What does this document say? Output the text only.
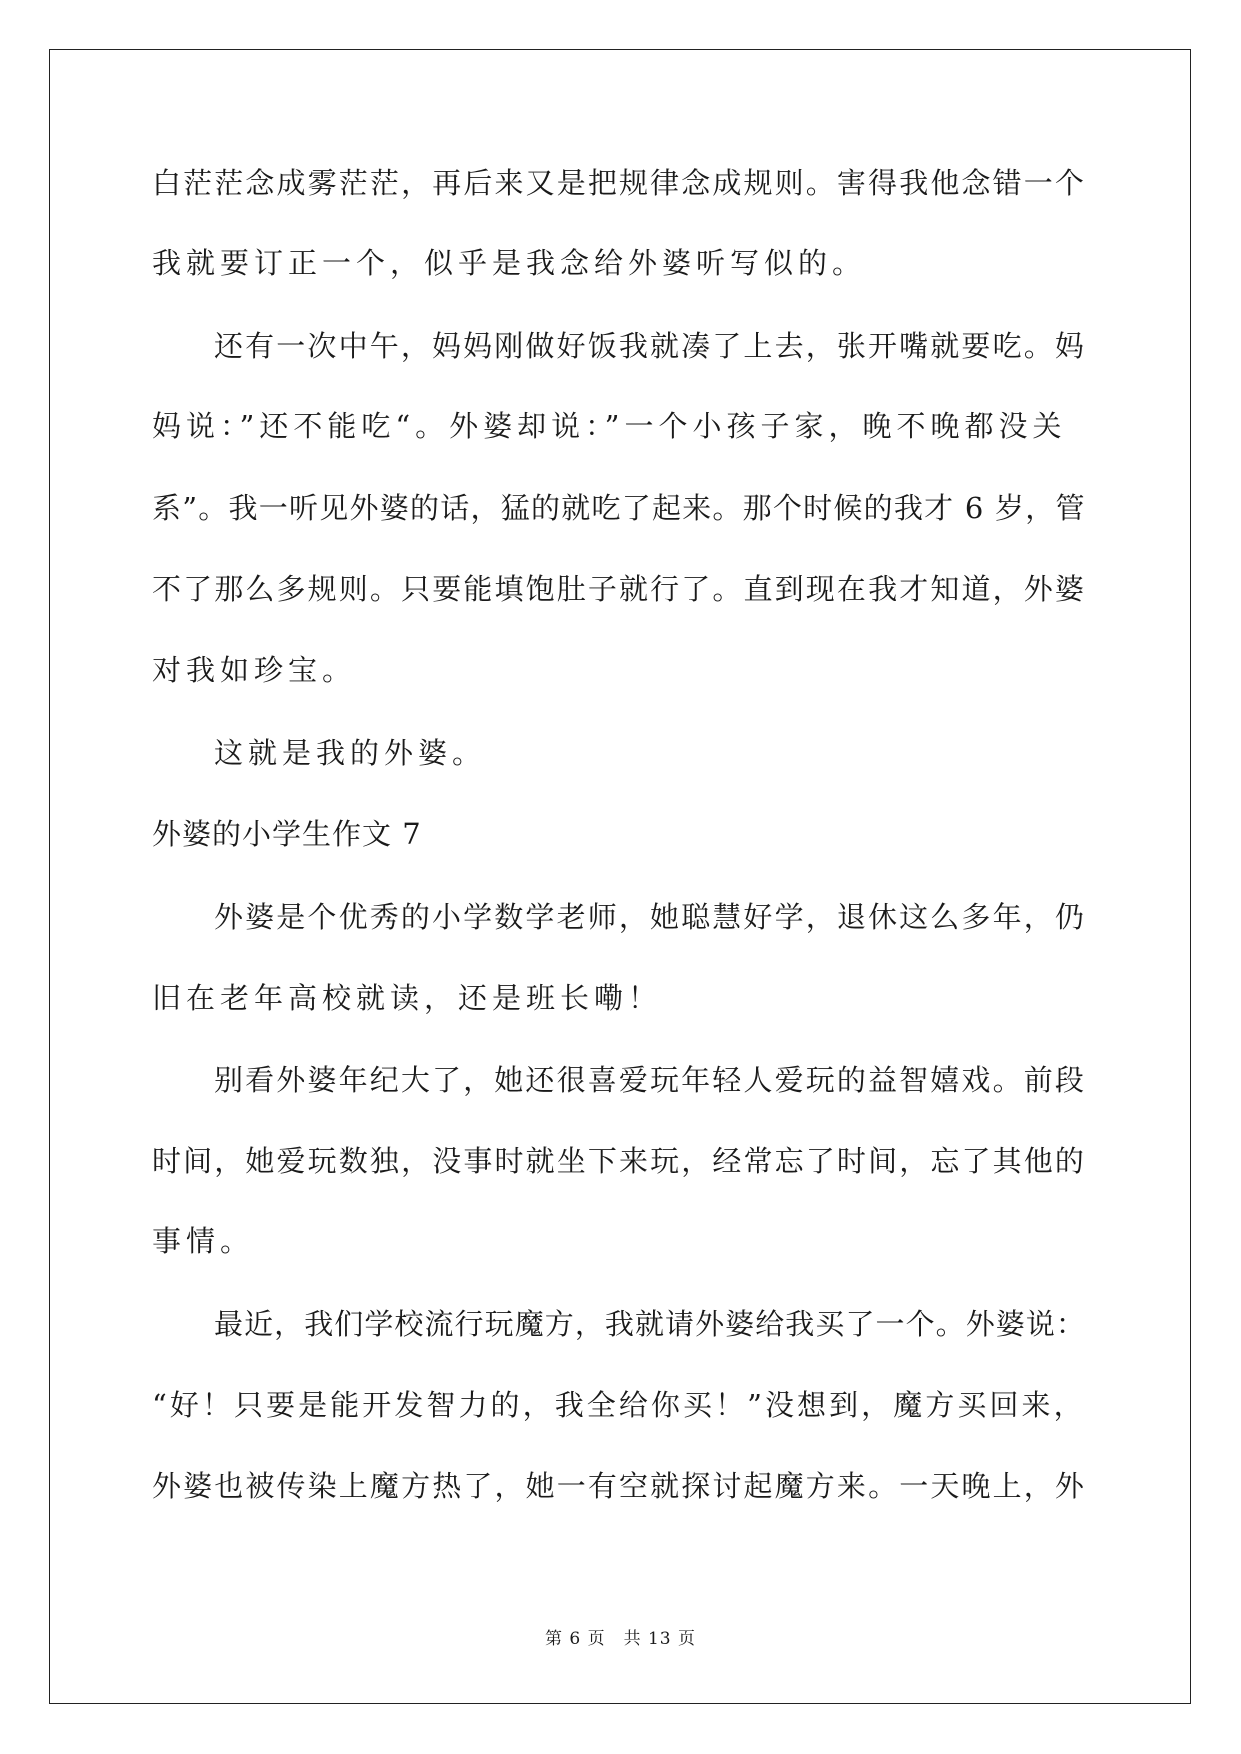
白茫茫念成雾茫茫，再后来又是把规律念成规则。害得我他念错一个
我就要订正一个，似乎是我念给外婆听写似的。
还有一次中午，妈妈刚做好饭我就凑了上去，张开嘴就要吃。妈
妈说：”还不能吃“。外婆却说：”一个小孩子家，晚不晚都没关
系”。我一听见外婆的话，猛的就吃了起来。那个时候的我才 6 岁，管
不了那么多规则。只要能填饱肚子就行了。直到现在我才知道，外婆
对我如珍宝。
这就是我的外婆。
外婆的小学生作文 7
外婆是个优秀的小学数学老师，她聪慧好学，退休这么多年，仍
旧在老年高校就读，还是班长嘞！
别看外婆年纪大了，她还很喜爱玩年轻人爱玩的益智嬉戏。前段
时间，她爱玩数独，没事时就坐下来玩，经常忘了时间，忘了其他的
事情。
最近，我们学校流行玩魔方，我就请外婆给我买了一个。外婆说：
“好！只要是能开发智力的，我全给你买！”没想到，魔方买回来，
外婆也被传染上魔方热了，她一有空就探讨起魔方来。一天晚上，外
第 6 页 共 13 页
